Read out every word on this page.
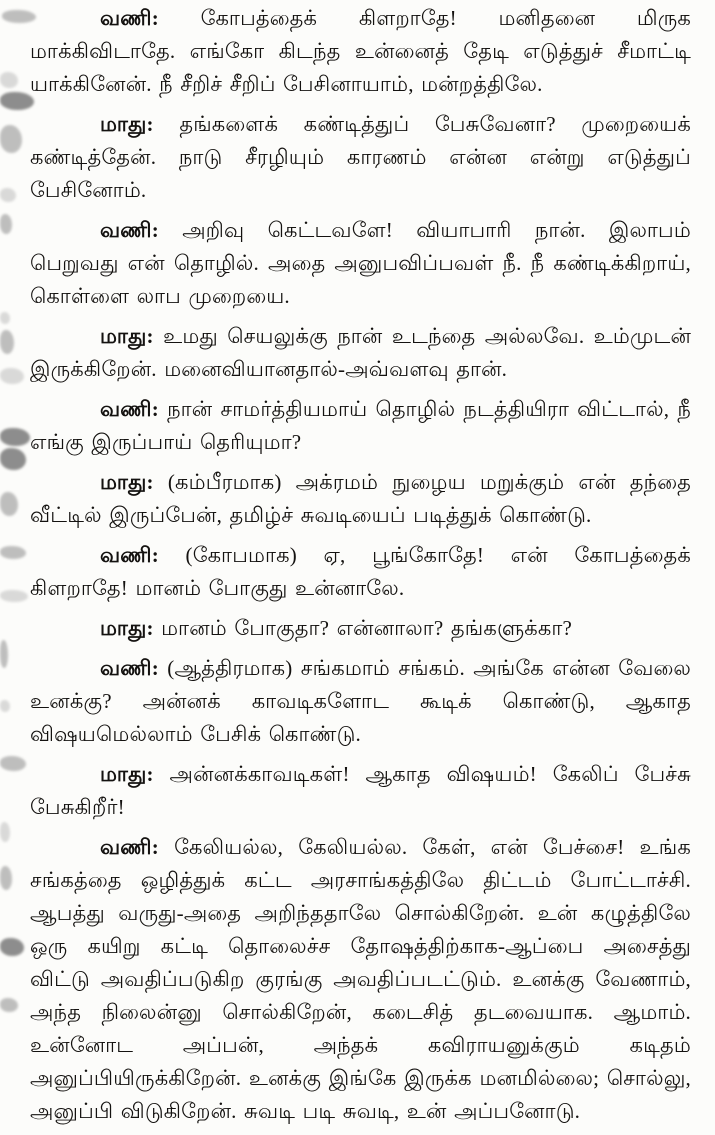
வணி: கோபத்தைக் கிளறாதே! மனிதனை மிருக மாக்கிவிடாதே. எங்கோ கிடந்த உன்னைத் தேடி எடுத்துச் சீமாட்டி யாக்கினேன். நீ சீறிச் சீறிப் பேசினாயாம், மன்றத்திலே.

மாது: தங்களைக் கண்டித்துப் பேசுவேனா? முறையைக் கண்டித்தேன். நாடு சீரழியும் காரணம் என்ன என்று எடுத்துப் பேசினோம்.

வணி: அறிவு கெட்டவளே! வியாபாரி நான். இலாபம் பெறுவது என் தொழில். அதை அனுபவிப்பவள் நீ. நீ கண்டிக்கிறாய், கொள்ளை லாப முறையை.

மாது: உமது செயலுக்கு நான் உடந்தை அல்லவே. உம்முடன் இருக்கிறேன். மனைவியானதால்-அவ்வளவு தான்.

வணி: நான் சாமர்த்தியமாய் தொழில் நடத்தியிரா விட்டால், நீ எங்கு இருப்பாய் தெரியுமா?

மாது: (கம்பீரமாக) அக்ரமம் நுழைய மறுக்கும் என் தந்தை வீட்டில் இருப்பேன், தமிழ்ச் சுவடியைப் படித்துக் கொண்டு.

வணி: (கோபமாக) ஏ, பூங்கோதே! என் கோபத்தைக் கிளறாதே! மானம் போகுது உன்னாலே.

மாது: மானம் போகுதா? என்னாலா? தங்களுக்கா?

வணி: (ஆத்திரமாக) சங்கமாம் சங்கம். அங்கே என்ன வேலை உனக்கு? அன்னக் காவடிகளோட கூடிக் கொண்டு, ஆகாத விஷயமெல்லாம் பேசிக் கொண்டு.

மாது: அன்னக்காவடிகள்! ஆகாத விஷயம்! கேலிப் பேச்சு பேசுகிறீர்!

வணி: கேலியல்ல, கேலியல்ல. கேள், என் பேச்சை! உங்க சங்கத்தை ஒழித்துக் கட்ட அரசாங்கத்திலே திட்டம் போட்டாச்சி. ஆபத்து வருது-அதை அறிந்ததாலே சொல்கிறேன். உன் கழுத்திலே ஒரு கயிறு கட்டி தொலைச்ச தோஷத்திற்காக-ஆப்பை அசைத்து விட்டு அவதிப்படுகிற குரங்கு அவதிப்படட்டும். உனக்கு வேணாம், அந்த நிலைன்னு சொல்கிறேன், கடைசித் தடவையாக. ஆமாம். உன்னோட அப்பன், அந்தக் கவிராயனுக்கும் கடிதம் அனுப்பியிருக்கிறேன். உனக்கு இங்கே இருக்க மனமில்லை; சொல்லு, அனுப்பி விடுகிறேன். சுவடி படி சுவடி, உன் அப்பனோடு.
